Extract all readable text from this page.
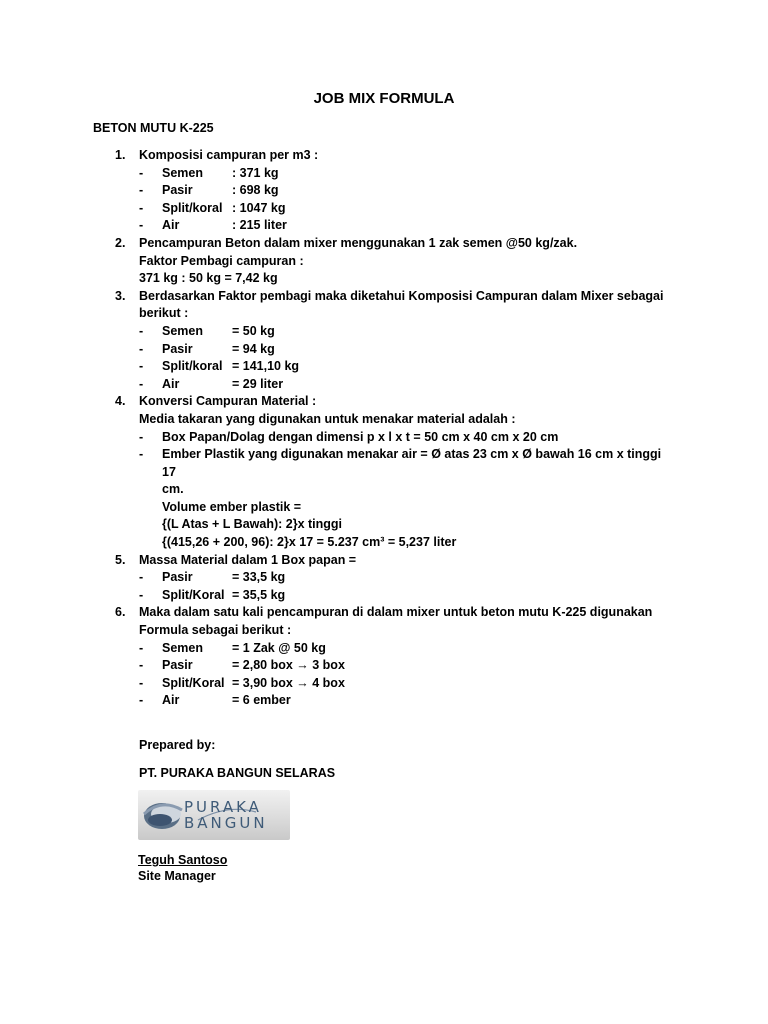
JOB MIX FORMULA
BETON MUTU K-225
1. Komposisi campuran per m3 :
- Semen : 371 kg
- Pasir	: 698 kg
- Split/koral : 1047 kg
- Air	: 215 liter
2. Pencampuran Beton dalam mixer menggunakan 1 zak semen @50 kg/zak.
Faktor Pembagi campuran :
371 kg : 50 kg = 7,42 kg
3. Berdasarkan Faktor pembagi maka diketahui Komposisi Campuran dalam Mixer sebagai
berikut :
- Semen = 50 kg
- Pasir	= 94 kg
- Split/koral = 141,10 kg
- Air	= 29 liter
4. Konversi Campuran Material :
Media takaran yang digunakan untuk menakar material adalah :
- Box Papan/Dolag dengan dimensi p x l x t = 50 cm x 40 cm x 20 cm
- Ember Plastik yang digunakan menakar air = Ø atas 23 cm x Ø bawah 16 cm x tinggi 17
cm.
Volume ember plastik =
{(L Atas + L Bawah): 2}x tinggi
{(415,26 + 200, 96): 2}x 17 = 5.237 cm³ = 5,237 liter
5. Massa Material dalam 1 Box papan =
- Pasir	= 33,5 kg
- Split/Koral = 35,5 kg
6. Maka dalam satu kali pencampuran di dalam mixer untuk beton mutu K-225 digunakan
Formula sebagai berikut :
- Semen = 1 Zak @ 50 kg
- Pasir	= 2,80 box → 3 box
- Split/Koral = 3,90 box → 4 box
- Air	= 6 ember
Prepared by:
PT. PURAKA BANGUN SELARAS
PURAKA
BANGUN
Teguh Santoso
Site Manager
